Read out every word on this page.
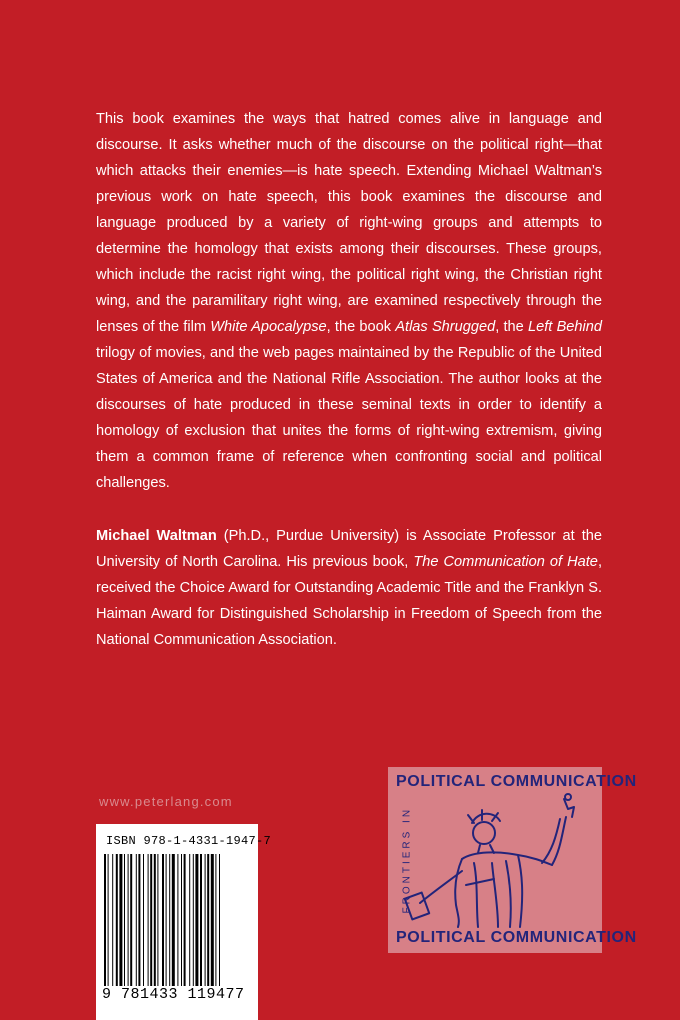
This book examines the ways that hatred comes alive in language and discourse. It asks whether much of the discourse on the political right—that which attacks their enemies—is hate speech. Extending Michael Waltman’s previous work on hate speech, this book examines the discourse and language produced by a variety of right-wing groups and attempts to determine the homology that exists among their discourses. These groups, which include the racist right wing, the political right wing, the Christian right wing, and the paramilitary right wing, are examined respectively through the lenses of the film White Apocalypse, the book Atlas Shrugged, the Left Behind trilogy of movies, and the web pages maintained by the Republic of the United States of America and the National Rifle Association. The author looks at the discourses of hate produced in these seminal texts in order to identify a homology of exclusion that unites the forms of right-wing extremism, giving them a common frame of reference when confronting social and political challenges.

Michael Waltman (Ph.D., Purdue University) is Associate Professor at the University of North Carolina. His previous book, The Communication of Hate, received the Choice Award for Outstanding Academic Title and the Franklyn S. Haiman Award for Distinguished Scholarship in Freedom of Speech from the National Communication Association.

www.peterlang.com
ISBN 978-1-4331-1947-7
9 781433 119477
POLITICAL COMMUNICATION
FRONTIERS IN
POLITICAL COMMUNICATION
